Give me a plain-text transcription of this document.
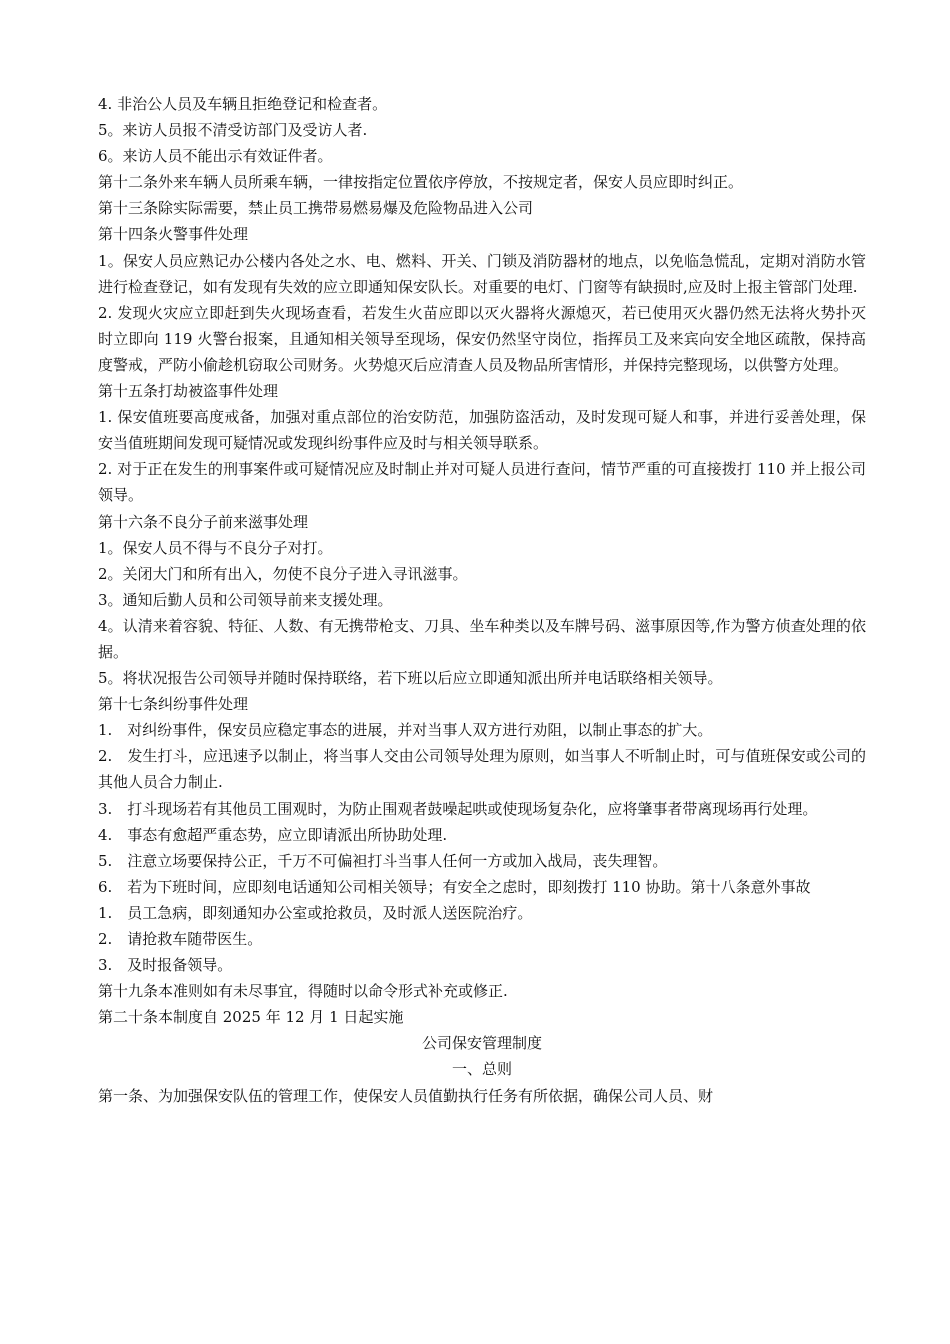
4. 非治公人员及车辆且拒绝登记和检查者。

5。来访人员报不清受访部门及受访人者.

6。来访人员不能出示有效证件者。

第十二条外来车辆人员所乘车辆，一律按指定位置依序停放，不按规定者，保安人员应即时纠正。

第十三条除实际需要，禁止员工携带易燃易爆及危险物品进入公司

第十四条火警事件处理

1。保安人员应熟记办公楼内各处之水、电、燃料、开关、门锁及消防器材的地点，以免临急慌乱，定期对消防水管进行检查登记，如有发现有失效的应立即通知保安队长。对重要的电灯、门窗等有缺损时,应及时上报主管部门处理.

2. 发现火灾应立即赶到失火现场查看，若发生火苗应即以灭火器将火源熄灭，若已使用灭火器仍然无法将火势扑灭时立即向 119 火警台报案，且通知相关领导至现场，保安仍然坚守岗位，指挥员工及来宾向安全地区疏散，保持高度警戒，严防小偷趁机窃取公司财务。火势熄灭后应清查人员及物品所害情形，并保持完整现场，以供警方处理。

第十五条打劫被盗事件处理

1. 保安值班要高度戒备，加强对重点部位的治安防范，加强防盗活动，及时发现可疑人和事，并进行妥善处理，保安当值班期间发现可疑情况或发现纠纷事件应及时与相关领导联系。

2. 对于正在发生的刑事案件或可疑情况应及时制止并对可疑人员进行查问，情节严重的可直接拨打 110 并上报公司领导。

第十六条不良分子前来滋事处理

1。保安人员不得与不良分子对打。

2。关闭大门和所有出入，勿使不良分子进入寻讯滋事。

3。通知后勤人员和公司领导前来支援处理。

4。认清来着容貌、特征、人数、有无携带枪支、刀具、坐车种类以及车牌号码、滋事原因等,作为警方侦查处理的依据。

5。将状况报告公司领导并随时保持联络，若下班以后应立即通知派出所并电话联络相关领导。

第十七条纠纷事件处理

1.　对纠纷事件，保安员应稳定事态的进展，并对当事人双方进行劝阻，以制止事态的扩大。

2.　发生打斗，应迅速予以制止，将当事人交由公司领导处理为原则，如当事人不听制止时，可与值班保安或公司的其他人员合力制止.

3.　打斗现场若有其他员工围观时，为防止围观者鼓噪起哄或使现场复杂化，应将肇事者带离现场再行处理。

4.　事态有愈超严重态势，应立即请派出所协助处理.

5.　注意立场要保持公正，千万不可偏袒打斗当事人任何一方或加入战局，丧失理智。

6.　若为下班时间，应即刻电话通知公司相关领导；有安全之虑时，即刻拨打 110 协助。第十八条意外事故

1.　员工急病，即刻通知办公室或抢救员，及时派人送医院治疗。

2.　请抢救车随带医生。

3.　及时报备领导。

第十九条本准则如有未尽事宜，得随时以命令形式补充或修正.

第二十条本制度自 2025 年 12 月 1 日起实施

公司保安管理制度

一、总则

第一条、为加强保安队伍的管理工作，使保安人员值勤执行任务有所依据，确保公司人员、财
